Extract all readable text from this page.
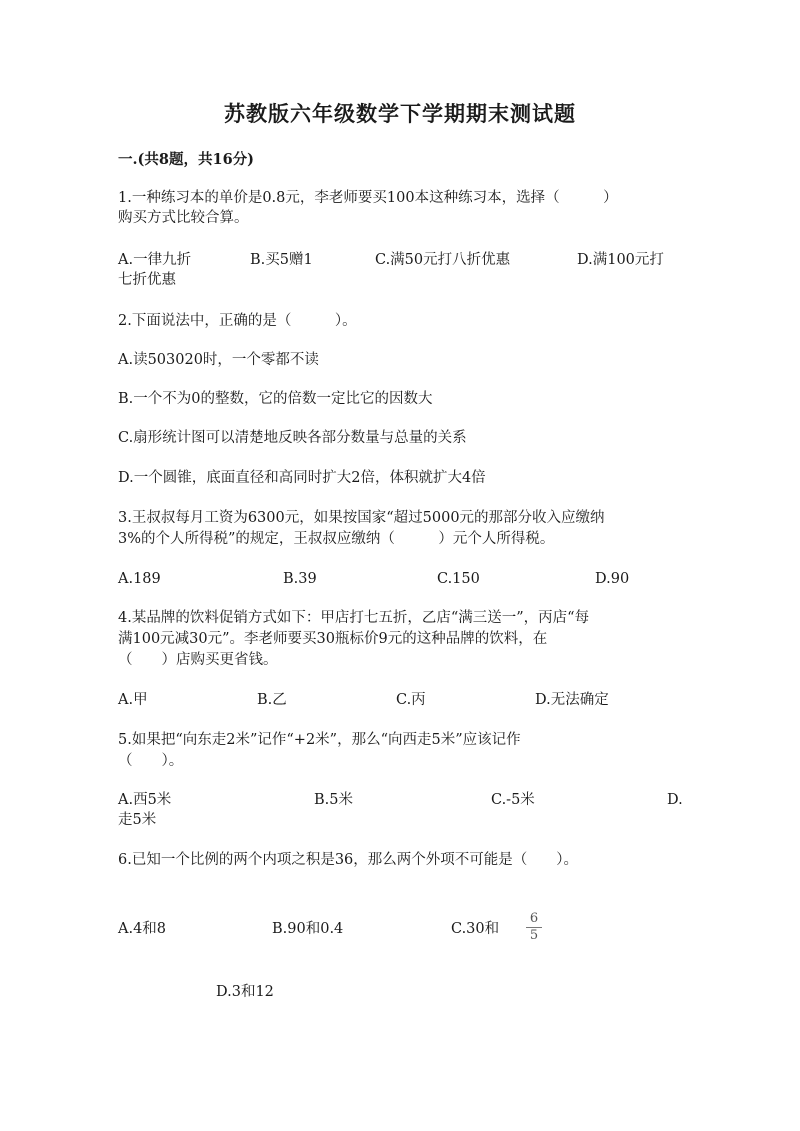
苏教版六年级数学下学期期末测试题
一.(共8题，共16分)
1.一种练习本的单价是0.8元，李老师要买100本这种练习本，选择（　　　）
购买方式比较合算。
A.一律九折	B.买5赠1	C.满50元打八折优惠	D.满100元打
七折优惠
2.下面说法中，正确的是（　　　）。
A.读503020时，一个零都不读
B.一个不为0的整数，它的倍数一定比它的因数大
C.扇形统计图可以清楚地反映各部分数量与总量的关系
D.一个圆锥，底面直径和高同时扩大2倍，体积就扩大4倍
3.王叔叔每月工资为6300元，如果按国家“超过5000元的那部分收入应缴纳
3%的个人所得税”的规定，王叔叔应缴纳（　　　）元个人所得税。
A.189	B.39	C.150	D.90
4.某品牌的饮料促销方式如下：甲店打七五折，乙店“满三送一”，丙店“每
满100元减30元”。李老师要买30瓶标价9元的这种品牌的饮料，在
（　　）店购买更省钱。
A.甲	B.乙	C.丙	D.无法确定
5.如果把“向东走2米”记作“+2米”，那么“向西走5米”应该记作
（　　）。
A.西5米	B.5米	C.-5米	D.
走5米
6.已知一个比例的两个内项之积是36，那么两个外项不可能是（　　）。
A.4和8	B.90和0.4	C.30和
6
5
D.3和12
